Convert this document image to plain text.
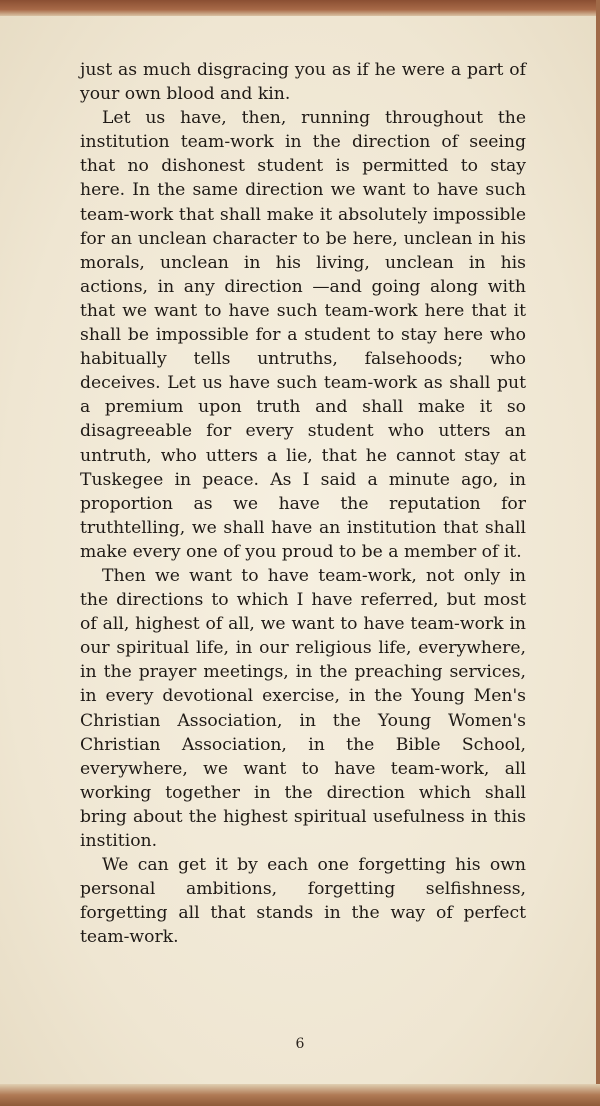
just as much disgracing you as if he were a part of your own blood and kin.

Let us have, then, running throughout the institution team-work in the direction of seeing that no dishonest student is permitted to stay here. In the same direction we want to have such team-work that shall make it absolutely impossible for an unclean character to be here, unclean in his morals, unclean in his living, unclean in his actions, in any direction —and going along with that we want to have such team-work here that it shall be impossible for a student to stay here who habitually tells untruths, falsehoods; who deceives. Let us have such team-work as shall put a premium upon truth and shall make it so disagreeable for every student who utters an untruth, who utters a lie, that he cannot stay at Tuskegee in peace. As I said a minute ago, in proportion as we have the reputation for truthtelling, we shall have an institution that shall make every one of you proud to be a member of it.

Then we want to have team-work, not only in the directions to which I have referred, but most of all, highest of all, we want to have team-work in our spiritual life, in our religious life, everywhere, in the prayer meetings, in the preaching services, in every devotional exercise, in the Young Men's Christian Association, in the Young Women's Christian Association, in the Bible School, everywhere, we want to have team-work, all working together in the direction which shall bring about the highest spiritual usefulness in this instition.

We can get it by each one forgetting his own personal ambitions, forgetting selfishness, forgetting all that stands in the way of perfect team-work.

6
